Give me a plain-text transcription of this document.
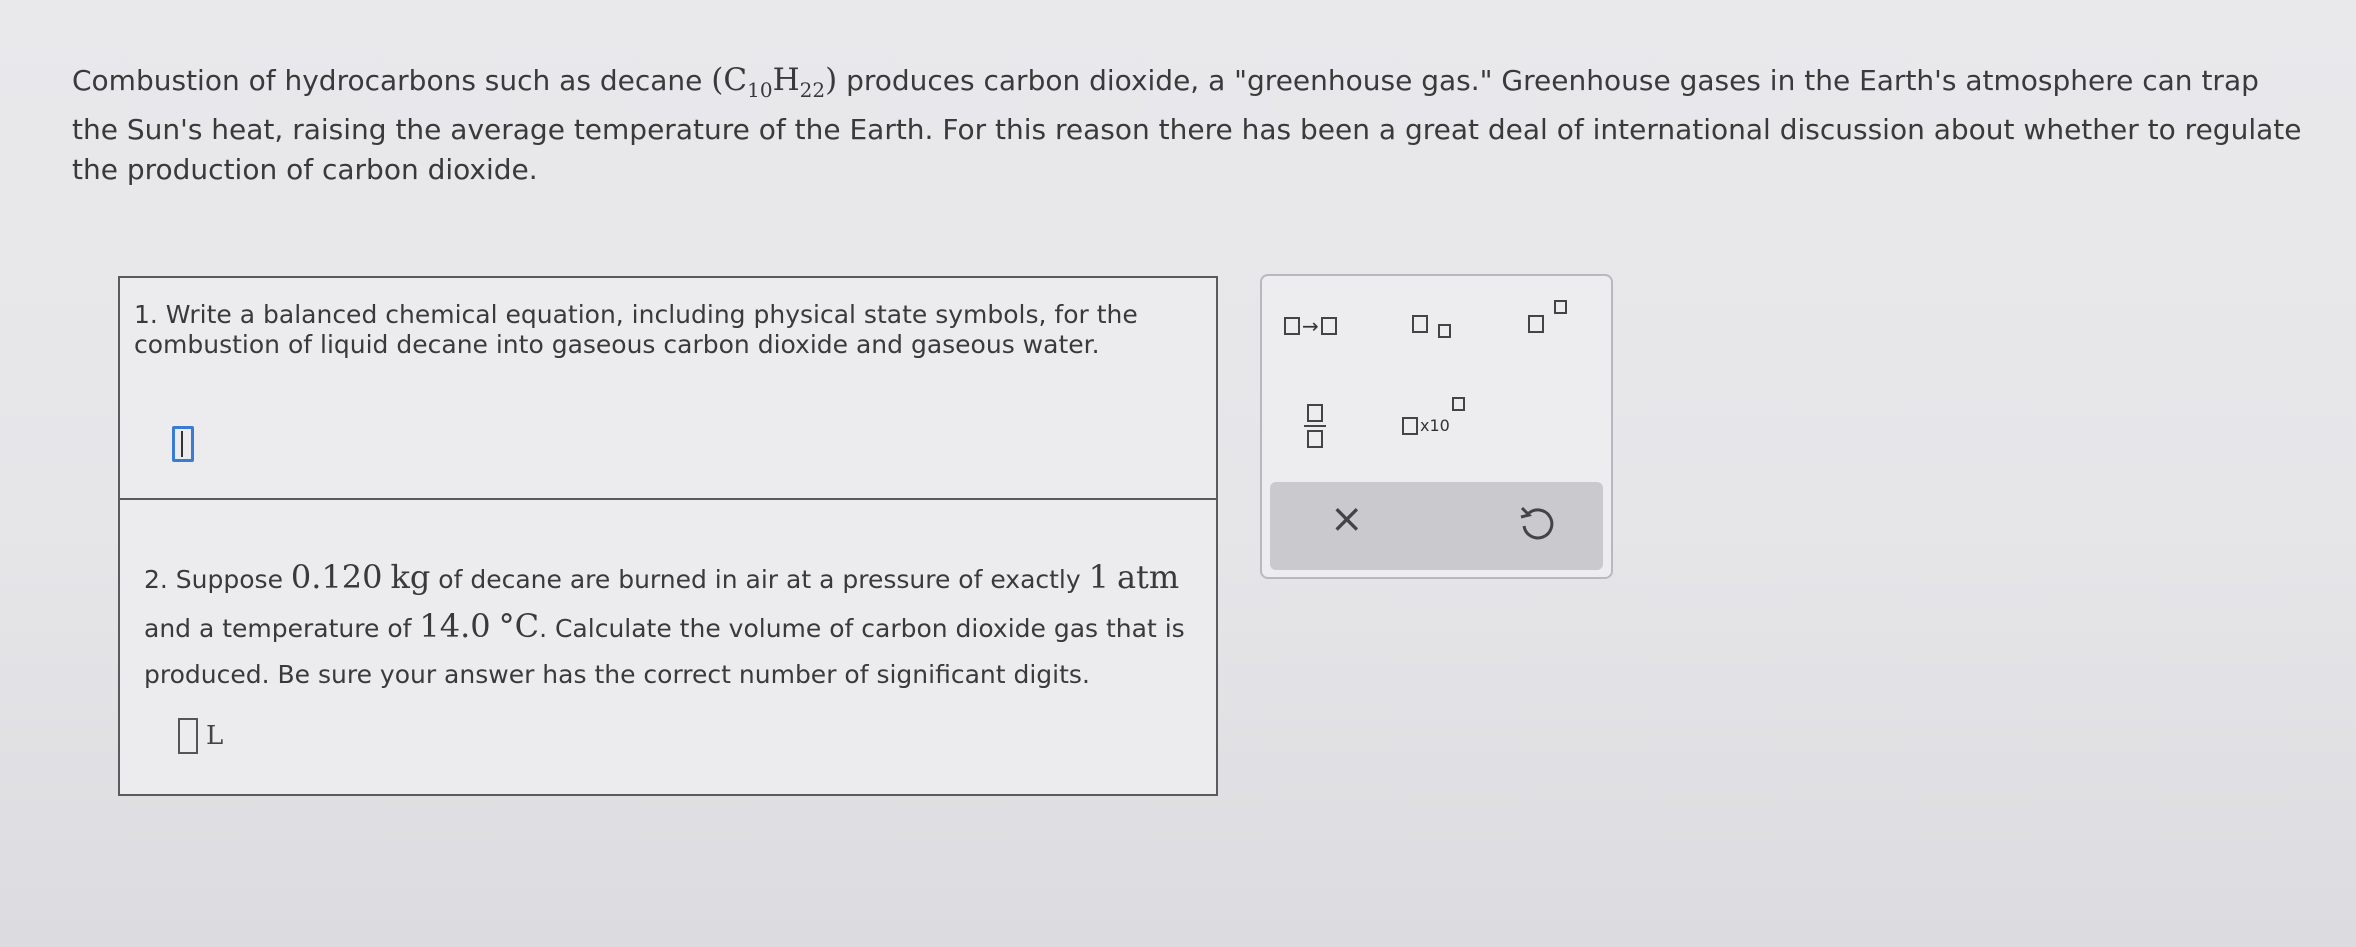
Combustion of hydrocarbons such as decane $(C_{10}H_{22})$ produces carbon dioxide, a "greenhouse gas." Greenhouse gases in the Earth's atmosphere can trap the Sun's heat, raising the average temperature of the Earth. For this reason there has been a great deal of international discussion about whether to regulate the production of carbon dioxide.
1. Write a balanced chemical equation, including physical state symbols, for the combustion of liquid decane into gaseous carbon dioxide and gaseous water.
2. Suppose 0.120 kg of decane are burned in air at a pressure of exactly 1 atm and a temperature of 14.0 °C. Calculate the volume of carbon dioxide gas that is produced. Be sure your answer has the correct number of significant digits.
L
→
x10
×
